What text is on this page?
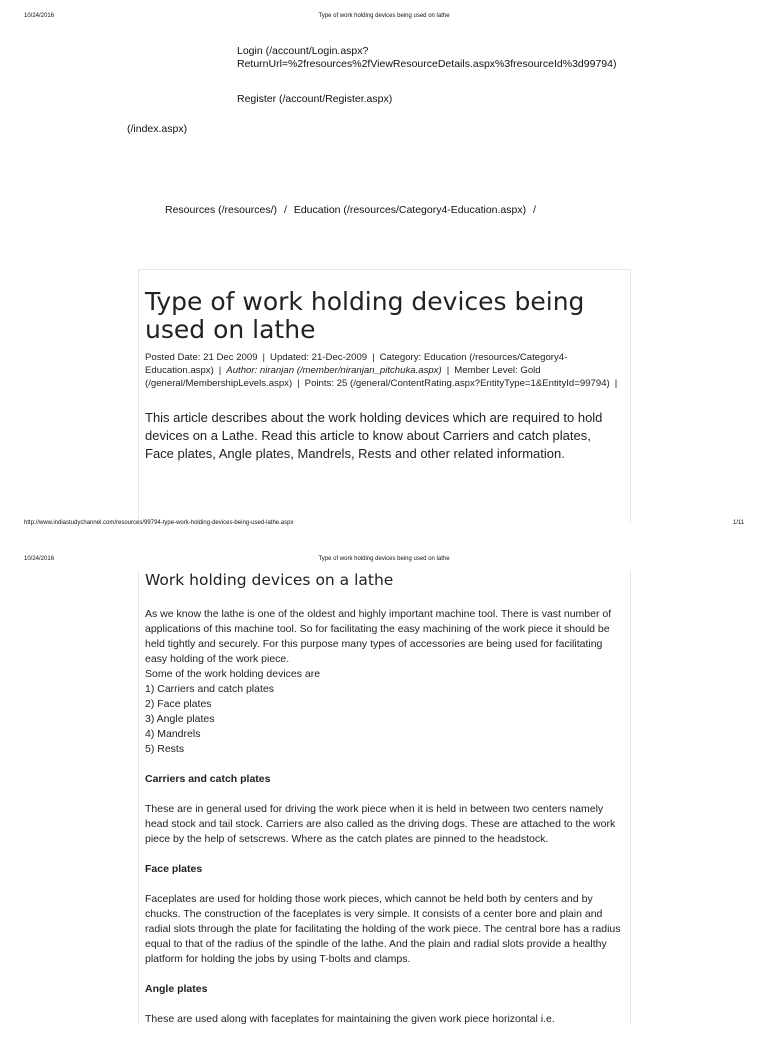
10/24/2016	Type of work holding devices being used on lathe
Login (/account/Login.aspx?
ReturnUrl=%2fresources%2fViewResourceDetails.aspx%3fresourceId%3d99794)
Register (/account/Register.aspx)
(/index.aspx)
Resources (/resources/) / Education (/resources/Category4-Education.aspx) /
Type of work holding devices being used on lathe
Posted Date: 21 Dec 2009 | Updated: 21-Dec-2009 | Category: Education (/resources/Category4-Education.aspx) | Author: niranjan (/member/niranjan_pitchuka.aspx) | Member Level: Gold (/general/MembershipLevels.aspx) | Points: 25 (/general/ContentRating.aspx?EntityType=1&EntityId=99794) |

This article describes about the work holding devices which are required to hold devices on a Lathe. Read this article to know about Carriers and catch plates, Face plates, Angle plates, Mandrels, Rests and other related information.

http://www.indiastudychannel.com/resources/99794-type-work-holding-devices-being-used-lathe.aspx	1/11
10/24/2016	Type of work holding devices being used on lathe
Work holding devices on a lathe

As we know the lathe is one of the oldest and highly important machine tool. There is vast number of applications of this machine tool. So for facilitating the easy machining of the work piece it should be held tightly and securely. For this purpose many types of accessories are being used for facilitating easy holding of the work piece.

Some of the work holding devices are
1) Carriers and catch plates
2) Face plates
3) Angle plates
4) Mandrels
5) Rests
Carriers and catch plates

These are in general used for driving the work piece when it is held in between two centers namely head stock and tail stock. Carriers are also called as the driving dogs. These are attached to the work piece by the help of setscrews. Where as the catch plates are pinned to the headstock.

Face plates

Faceplates are used for holding those work pieces, which cannot be held both by centers and by chucks. The construction of the faceplates is very simple. It consists of a center bore and plain and radial slots through the plate for facilitating the holding of the work piece. The central bore has a radius equal to that of the radius of the spindle of the lathe. And the plain and radial slots provide a healthy platform for holding the jobs by using T-bolts and clamps.

Angle plates

These are used along with faceplates for maintaining the given work piece horizontal i.e.
